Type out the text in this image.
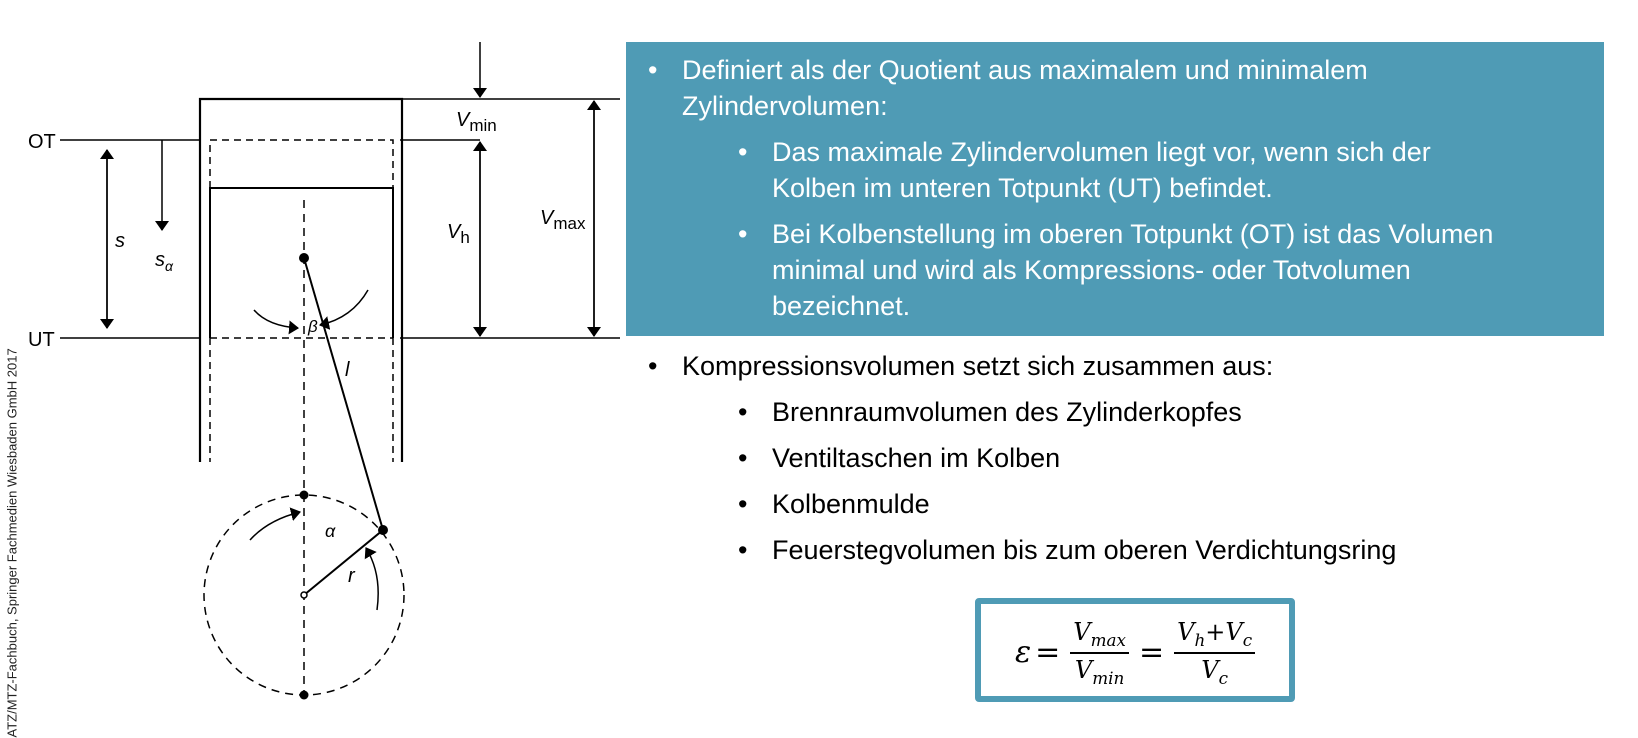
ATZ/MTZ-Fachbuch, Springer Fachmedien Wiesbaden GmbH 2017
OT
UT
s
$s_\alpha$
$V_{min}$
$V_h$
$V_{max}$
β
l
α
r
• Definiert als der Quotient aus maximalem und minimalem
Zylindervolumen:
• Das maximale Zylindervolumen liegt vor, wenn sich der
Kolben im unteren Totpunkt (UT) befindet.
• Bei Kolbenstellung im oberen Totpunkt (OT) ist das Volumen
minimal und wird als Kompressions- oder Totvolumen
bezeichnet.
• Kompressionsvolumen setzt sich zusammen aus:
• Brennraumvolumen des Zylinderkopfes
• Ventiltaschen im Kolben
• Kolbenmulde
• Feuerstegvolumen bis zum oberen Verdichtungsring
$\varepsilon = \frac{V_{max}}{V_{min}} = \frac{V_h+V_c}{V_c}$
